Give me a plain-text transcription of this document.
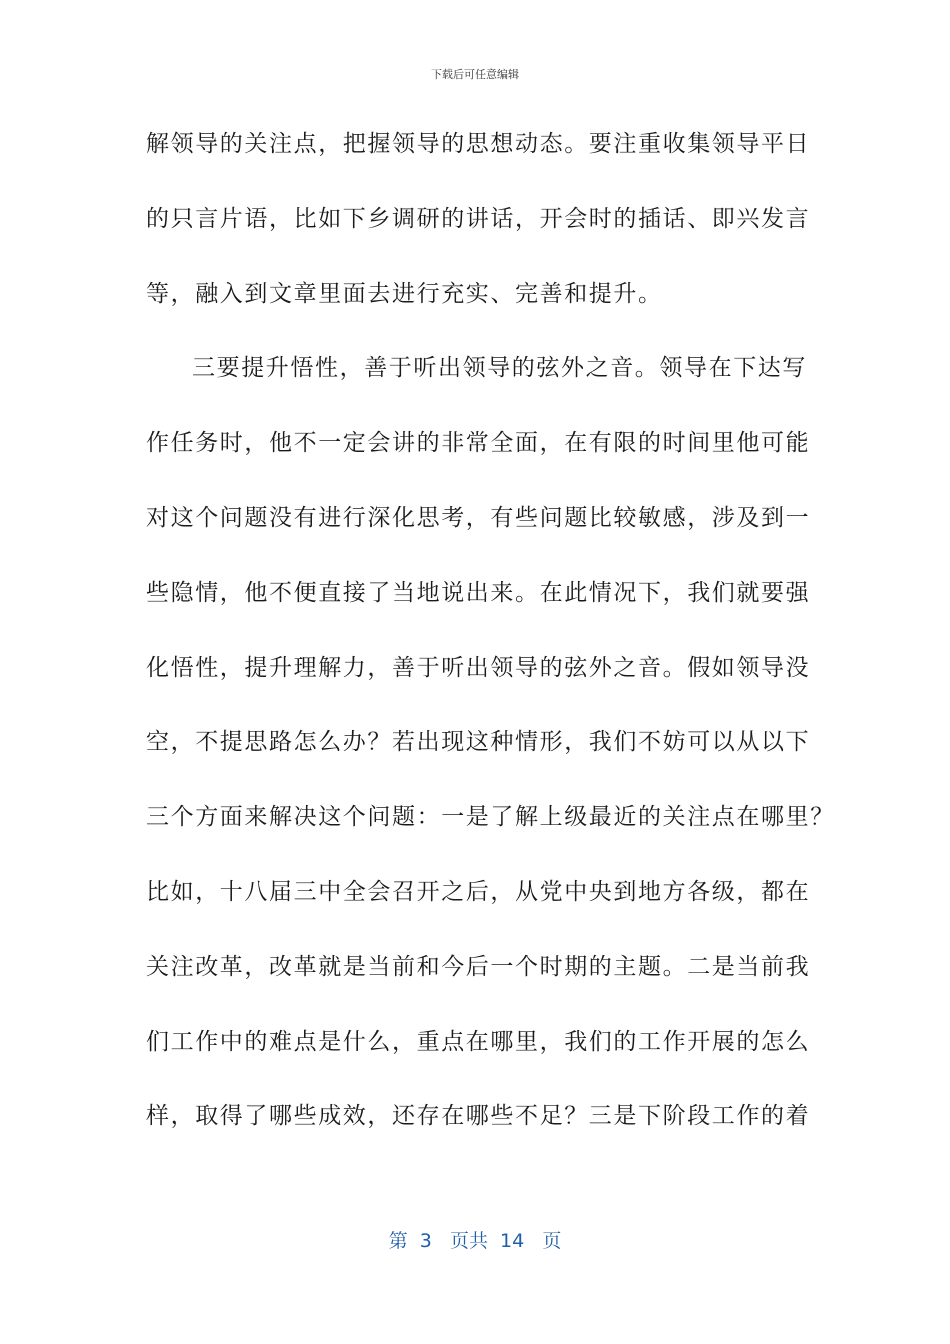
下载后可任意编辑
解领导的关注点，把握领导的思想动态。要注重收集领导平日
的只言片语，比如下乡调研的讲话，开会时的插话、即兴发言
等，融入到文章里面去进行充实、完善和提升。
三要提升悟性，善于听出领导的弦外之音。领导在下达写
作任务时，他不一定会讲的非常全面，在有限的时间里他可能
对这个问题没有进行深化思考，有些问题比较敏感，涉及到一
些隐情，他不便直接了当地说出来。在此情况下，我们就要强
化悟性，提升理解力，善于听出领导的弦外之音。假如领导没
空，不提思路怎么办？若出现这种情形，我们不妨可以从以下
三个方面来解决这个问题：一是了解上级最近的关注点在哪里？
比如，十八届三中全会召开之后，从党中央到地方各级，都在
关注改革，改革就是当前和今后一个时期的主题。二是当前我
们工作中的难点是什么，重点在哪里，我们的工作开展的怎么
样，取得了哪些成效，还存在哪些不足？三是下阶段工作的着
第 3 页共 14 页
